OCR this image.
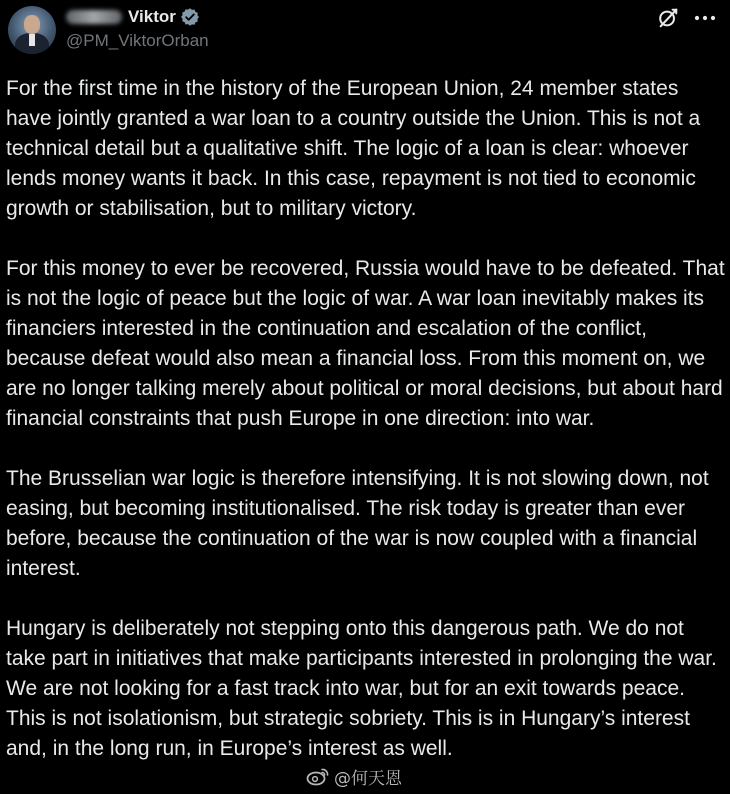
Viktor
@PM_ViktorOrban

For the first time in the history of the European Union, 24 member states have jointly granted a war loan to a country outside the Union. This is not a technical detail but a qualitative shift. The logic of a loan is clear: whoever lends money wants it back. In this case, repayment is not tied to economic growth or stabilisation, but to military victory.

For this money to ever be recovered, Russia would have to be defeated. That is not the logic of peace but the logic of war. A war loan inevitably makes its financiers interested in the continuation and escalation of the conflict, because defeat would also mean a financial loss. From this moment on, we are no longer talking merely about political or moral decisions, but about hard financial constraints that push Europe in one direction: into war.

The Brusselian war logic is therefore intensifying. It is not slowing down, not easing, but becoming institutionalised. The risk today is greater than ever before, because the continuation of the war is now coupled with a financial interest.

Hungary is deliberately not stepping onto this dangerous path. We do not take part in initiatives that make participants interested in prolonging the war. We are not looking for a fast track into war, but for an exit towards peace. This is not isolationism, but strategic sobriety. This is in Hungary’s interest and, in the long run, in Europe’s interest as well.

@何天恩
